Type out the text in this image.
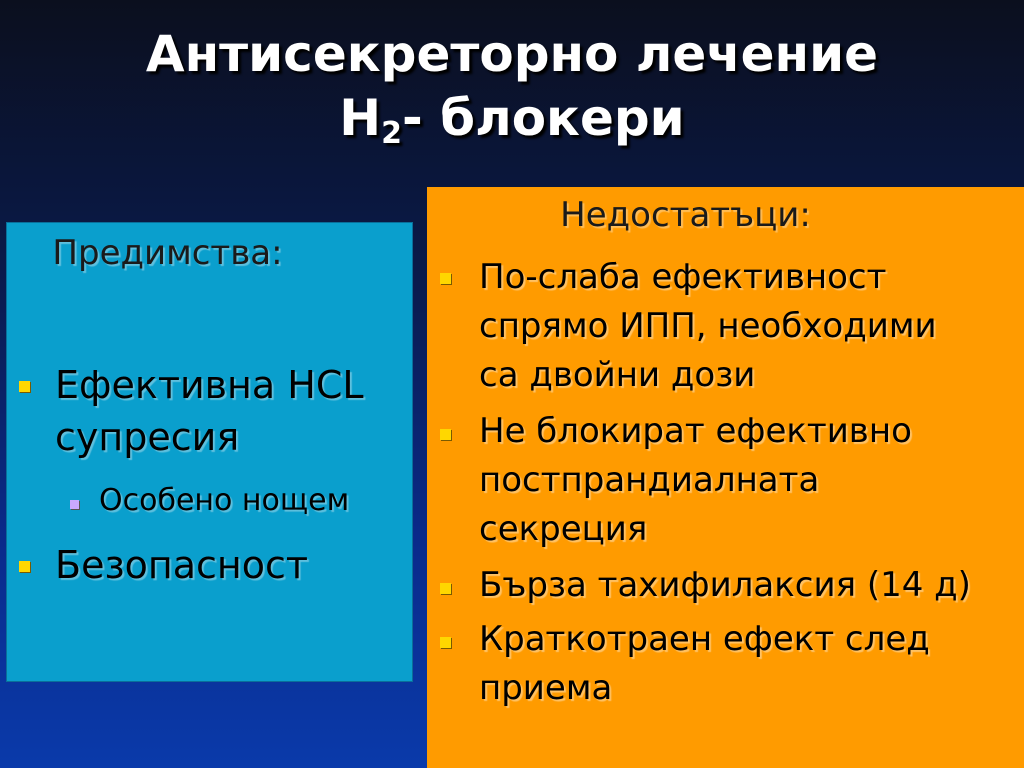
Антисекреторно лечение
$H_2-$ блокери
Предимства:
Ефективна HCL
супресия
Особено нощем
Безопасност
Недостатъци:
По-слаба ефективност
спрямо ИПП, необходими
са двойни дози
Не блокират ефективно
постпрандиалната
секреция
Бърза тахифилаксия (14 д)
Краткотраен ефект след
приема
